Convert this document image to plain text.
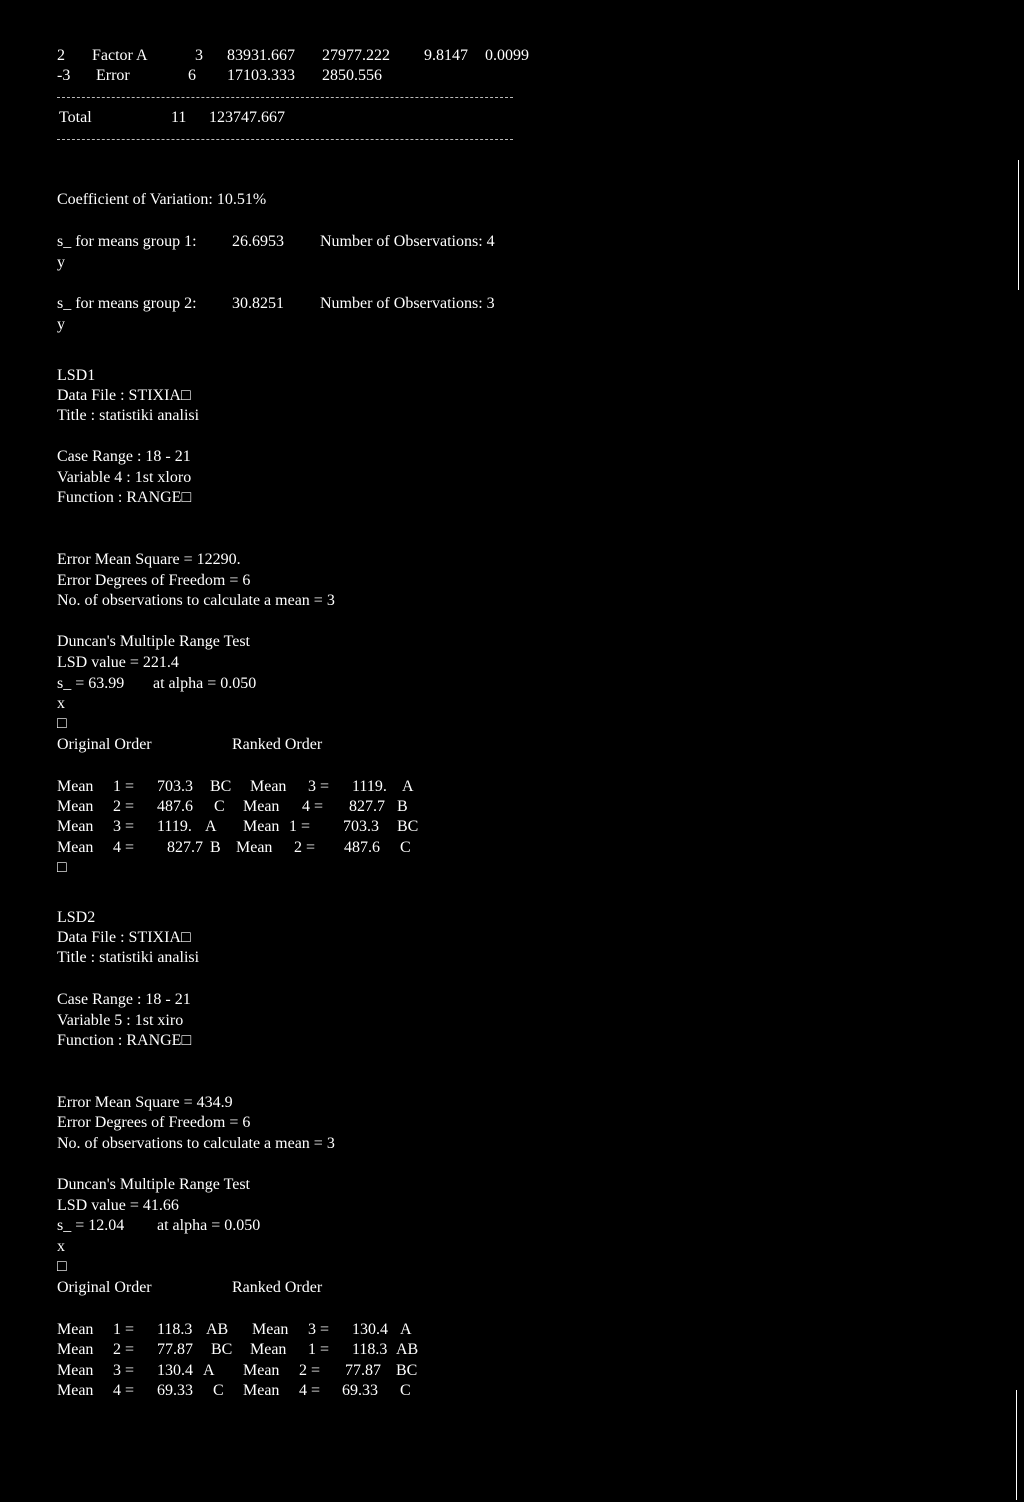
2 Factor A	3 83931.667 27977.222 9.8147 0.0099
-3 Error	6 17103.333 2850.556
Total	11 123747.667
Coefficient of Variation: 10.51%
s_ for means group 1: 26.6953 Number of Observations: 4
y
s_ for means group 2: 30.8251 Number of Observations: 3
y
LSD1
Data File : STIXIA□
Title : statistiki analisi
Case Range : 18 - 21
Variable 4 : 1st xloro
Function : RANGE□
Error Mean Square = 12290.
Error Degrees of Freedom = 6
No. of observations to calculate a mean = 3
Duncan's Multiple Range Test
LSD value = 221.4
s_ = 63.99 at alpha = 0.050
x
□
Original Order	Ranked Order
Mean 1 = 703.3 BC Mean 3 = 1119. A
Mean 2 = 487.6 C Mean 4 = 827.7 B
Mean 3 = 1119. A Mean 1 = 703.3 BC
Mean 4 = 827.7 B Mean 2 = 487.6 C
□
LSD2
Data File : STIXIA□
Title : statistiki analisi
Case Range : 18 - 21
Variable 5 : 1st xiro
Function : RANGE□
Error Mean Square = 434.9
Error Degrees of Freedom = 6
No. of observations to calculate a mean = 3
Duncan's Multiple Range Test
LSD value = 41.66
s_ = 12.04 at alpha = 0.050
x
□
Original Order	Ranked Order
Mean 1 = 118.3 AB Mean 3 = 130.4 A
Mean 2 = 77.87 BC Mean 1 = 118.3 AB
Mean 3 = 130.4 A Mean 2 = 77.87 BC
Mean 4 = 69.33 C Mean 4 = 69.33 C
